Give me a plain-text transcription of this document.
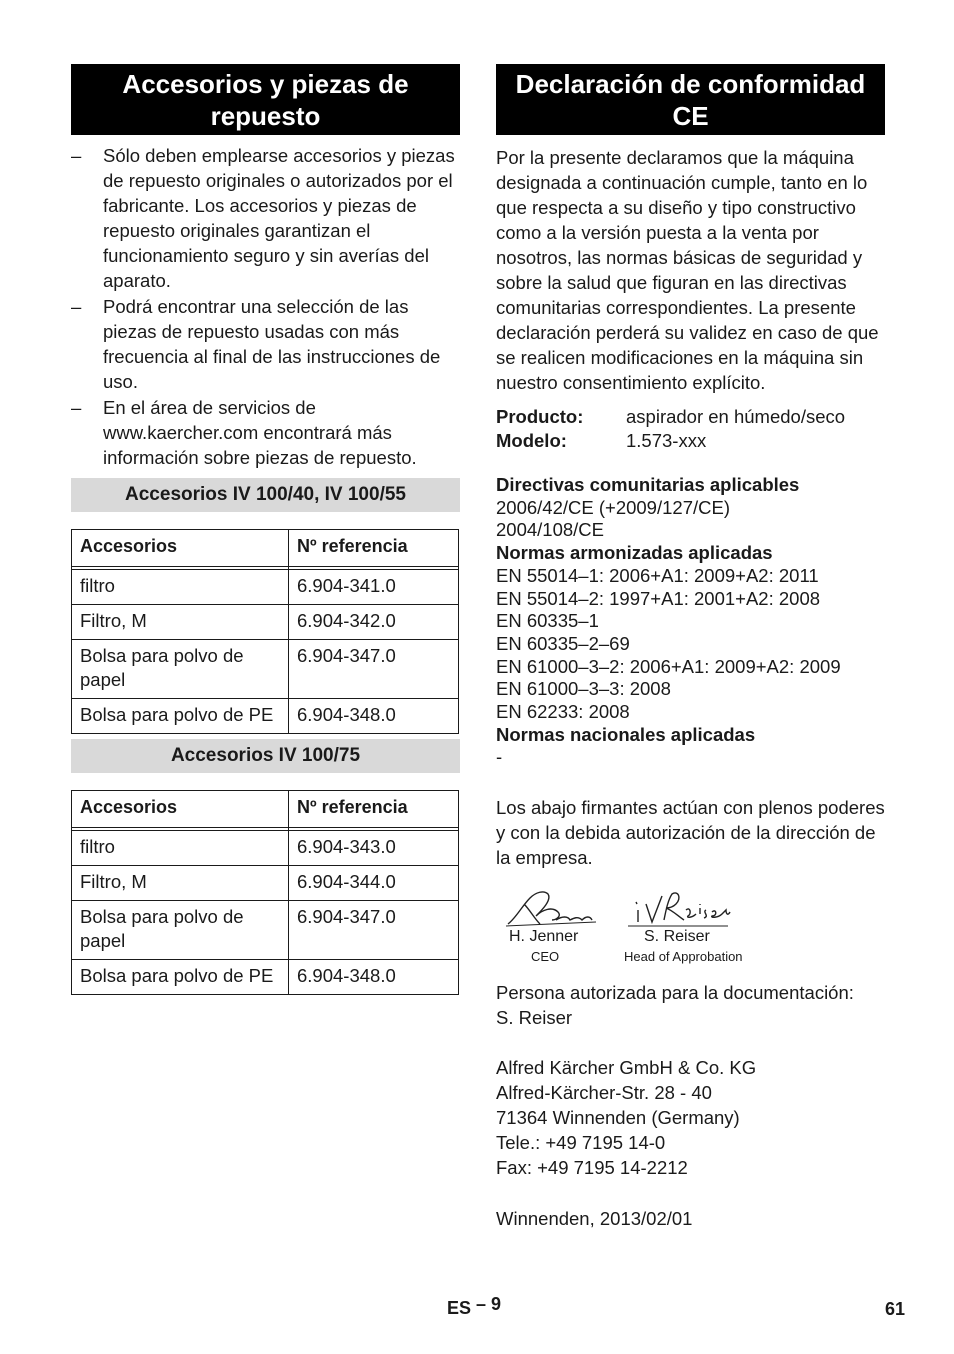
Accesorios y piezas de repuesto
– Sólo deben emplearse accesorios y piezas de repuesto originales o autorizados por el fabricante. Los accesorios y piezas de repuesto originales garantizan el funcionamiento seguro y sin averías del aparato.
– Podrá encontrar una selección de las piezas de repuesto usadas con más frecuencia al final de las instrucciones de uso.
– En el área de servicios de www.kaercher.com encontrará más información sobre piezas de repuesto.
Accesorios IV 100/40, IV 100/55
Accesorios	Nº referencia

filtro	6.904-341.0
Filtro, M	6.904-342.0
Bolsa para polvo de papel	6.904-347.0
Bolsa para polvo de PE	6.904-348.0
Accesorios IV 100/75
Accesorios	Nº referencia

filtro	6.904-343.0
Filtro, M	6.904-344.0
Bolsa para polvo de papel	6.904-347.0
Bolsa para polvo de PE	6.904-348.0
Declaración de conformidad CE

Por la presente declaramos que la máquina designada a continuación cumple, tanto en lo que respecta a su diseño y tipo constructivo como a la versión puesta a la venta por nosotros, las normas básicas de seguridad y sobre la salud que figuran en las directivas comunitarias correspondientes. La presente declaración perderá su validez en caso de que se realicen modificaciones en la máquina sin nuestro consentimiento explícito.

Producto:	aspirador en húmedo/seco
Modelo:	1.573-xxx
Directivas comunitarias aplicables
2006/42/CE (+2009/127/CE)
2004/108/CE
Normas armonizadas aplicadas
EN 55014–1: 2006+A1: 2009+A2: 2011
EN 55014–2: 1997+A1: 2001+A2: 2008
EN 60335–1
EN 60335–2–69
EN 61000–3–2: 2006+A1: 2009+A2: 2009
EN 61000–3–3: 2008
EN 62233: 2008
Normas nacionales aplicadas
-

Los abajo firmantes actúan con plenos poderes y con la debida autorización de la dirección de la empresa.

H. Jenner
CEO
S. Reiser
Head of Approbation

Persona autorizada para la documentación:

S. Reiser

Alfred Kärcher GmbH & Co. KG

Alfred-Kärcher-Str. 28 - 40

71364 Winnenden (Germany)

Tele.: +49 7195 14-0

Fax: +49 7195 14-2212

Winnenden, 2013/02/01

ES – 9	61
